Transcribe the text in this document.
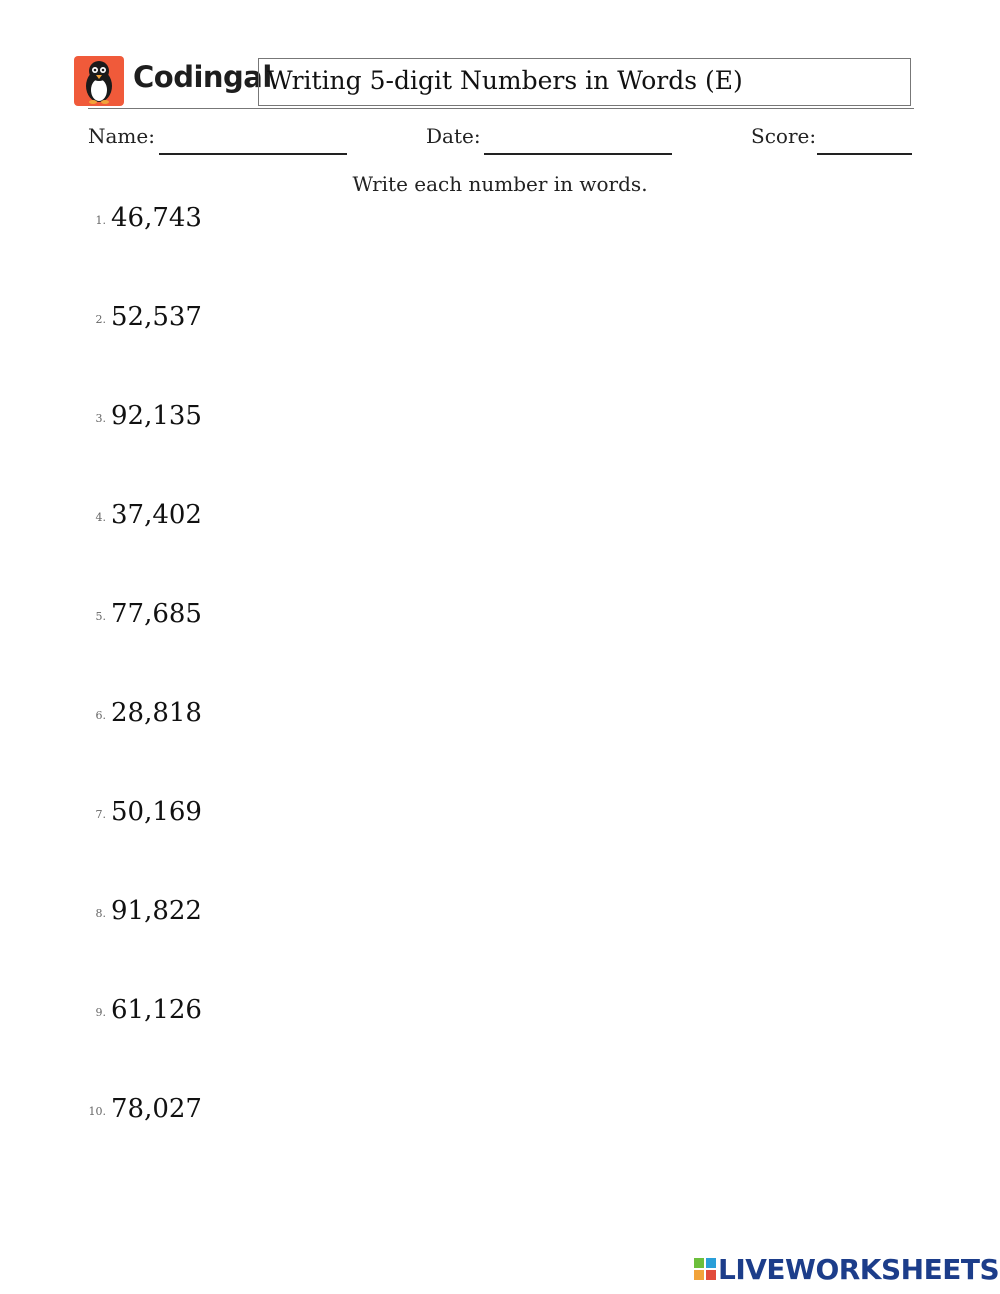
Codingal
Writing 5-digit Numbers in Words (E)
Name:	Date:	Score:
Write each number in words.
1. 46,743
2. 52,537
3. 92,135
4. 37,402
5. 77,685
6. 28,818
7. 50,169
8. 91,822
9. 61,126
10. 78,027
LIVEWORKSHEETS
